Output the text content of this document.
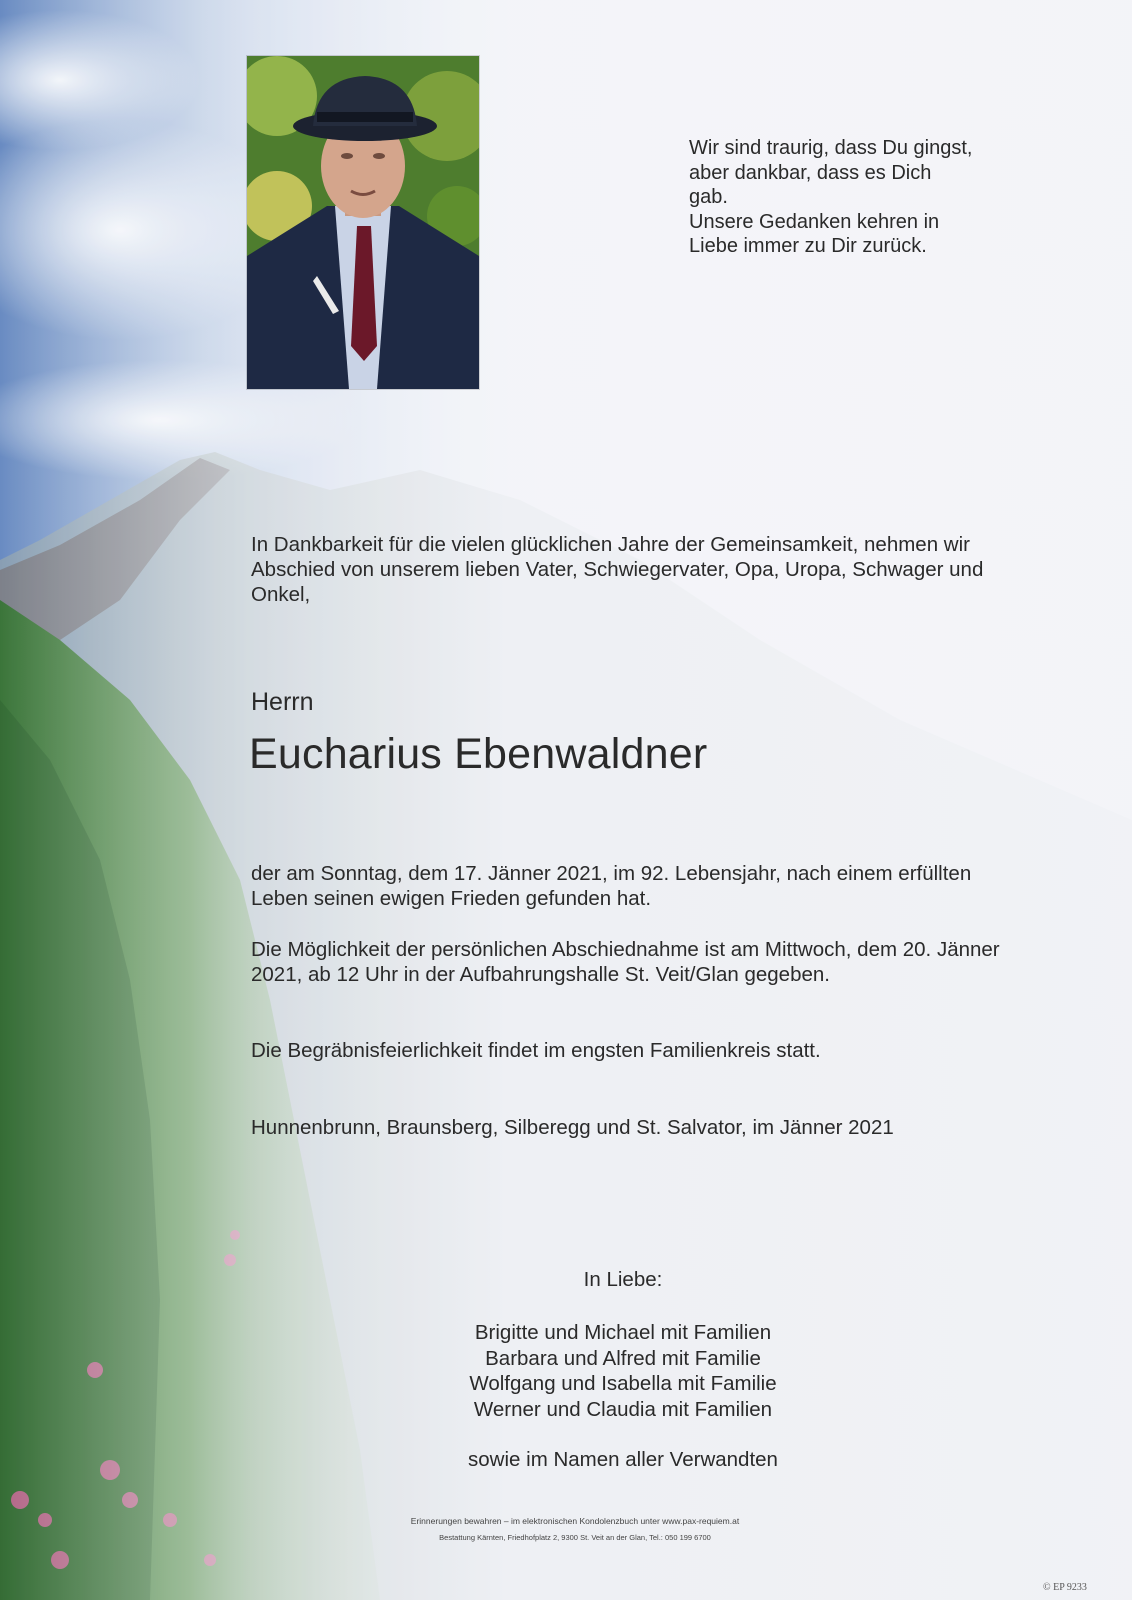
Wir sind traurig, dass Du gingst,
aber dankbar, dass es Dich
gab.
Unsere Gedanken kehren in
Liebe immer zu Dir zurück.
In Dankbarkeit für die vielen glücklichen Jahre der Gemeinsamkeit, nehmen wir Abschied von unserem lieben Vater, Schwiegervater, Opa, Uropa, Schwager und Onkel,
Herrn
Eucharius Ebenwaldner
der am Sonntag, dem 17. Jänner 2021, im 92. Lebensjahr, nach einem erfüllten Leben seinen ewigen Frieden gefunden hat.
Die Möglichkeit der persönlichen Abschiednahme ist am Mittwoch, dem 20. Jänner 2021, ab 12 Uhr in der Aufbahrungshalle St. Veit/Glan gegeben.
Die Begräbnisfeierlichkeit findet im engsten Familienkreis statt.
Hunnenbrunn, Braunsberg, Silberegg und St. Salvator, im Jänner 2021
In Liebe:
Brigitte und Michael mit Familien
Barbara und Alfred mit Familie
Wolfgang und Isabella mit Familie
Werner und Claudia mit Familien
sowie im Namen aller Verwandten
Erinnerungen bewahren – im elektronischen Kondolenzbuch unter www.pax-requiem.at
Bestattung Kärnten, Friedhofplatz 2, 9300 St. Veit an der Glan, Tel.: 050 199 6700
© EP 9233
